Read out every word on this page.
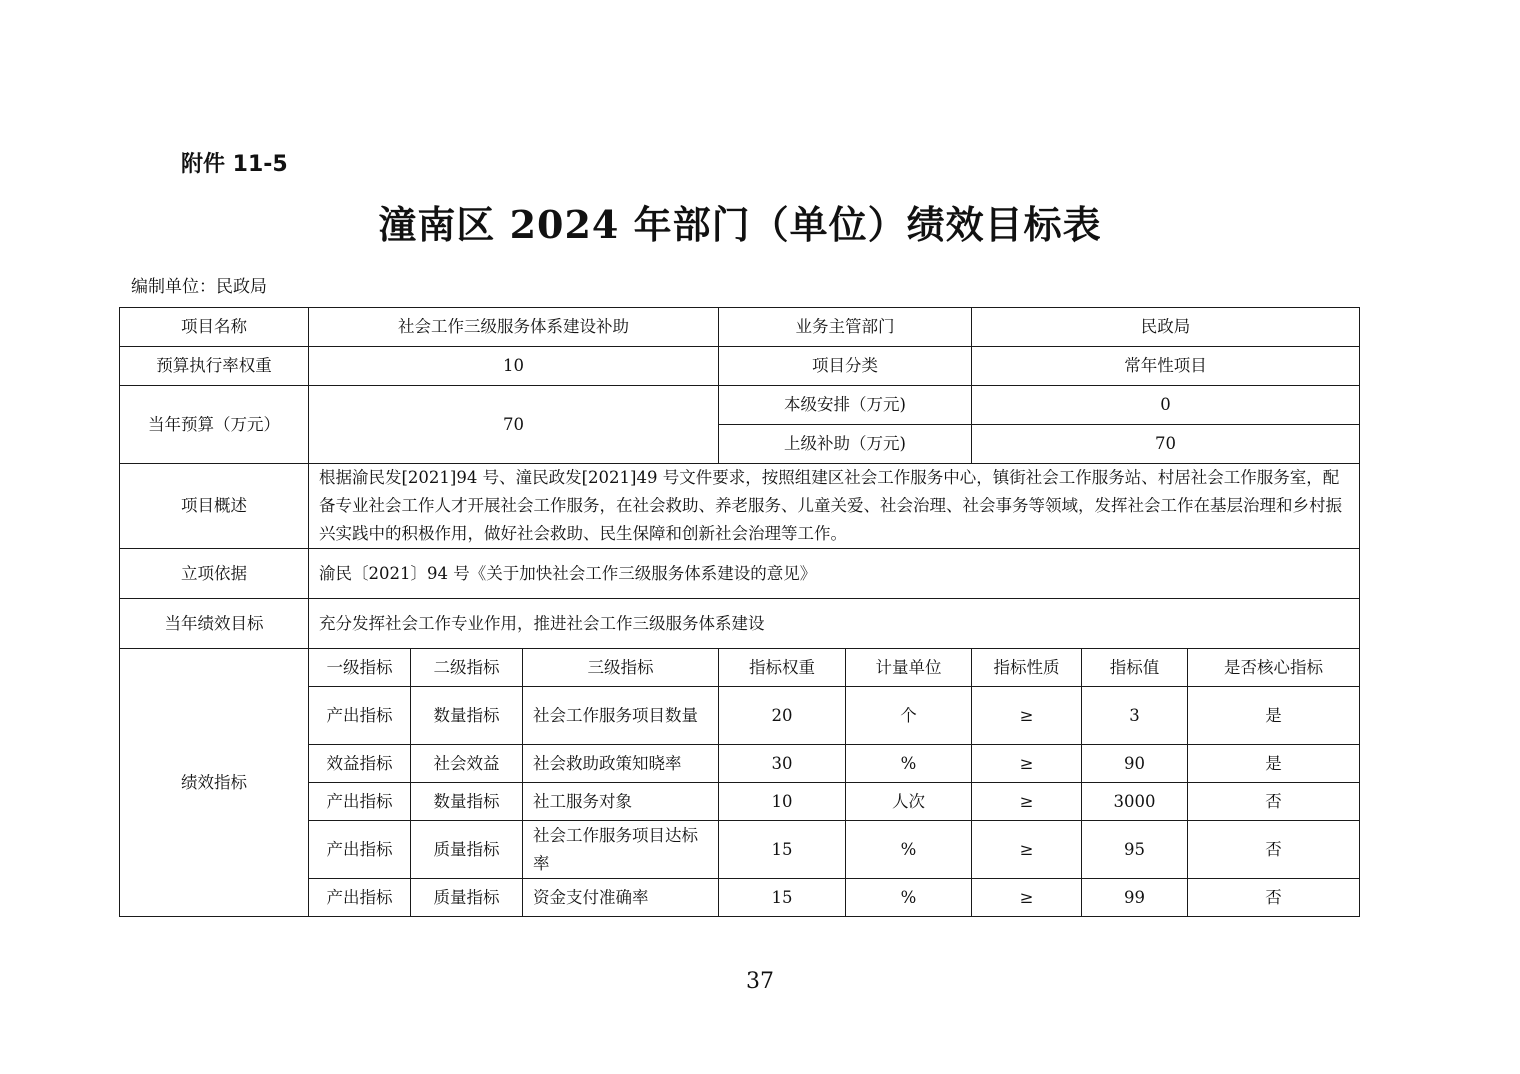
附件 11-5
潼南区 2024 年部门（单位）绩效目标表
编制单位：民政局
项目名称	社会工作三级服务体系建设补助			业务主管部门		民政局		
预算执行率权重	10			项目分类		常年性项目		
当年预算（万元）	70			本级安排（万元)		0		
				上级补助（万元)		70		
项目概述	根据渝民发[2021]94 号、潼民政发[2021]49 号文件要求，按照组建区社会工作服务中心，镇街社会工作服务站、村居社会工作服务室，配备专业社会工作人才开展社会工作服务，在社会救助、养老服务、儿童关爱、社会治理、社会事务等领域，发挥社会工作在基层治理和乡村振兴实践中的积极作用，做好社会救助、民生保障和创新社会治理等工作。							
立项依据	渝民〔2021〕94 号《关于加快社会工作三级服务体系建设的意见》							
当年绩效目标	充分发挥社会工作专业作用，推进社会工作三级服务体系建设							
绩效指标	一级指标	二级指标	三级指标	指标权重	计量单位	指标性质	指标值	是否核心指标
	产出指标	数量指标	社会工作服务项目数量	20	个	≥	3	是
	效益指标	社会效益	社会救助政策知晓率	30	%	≥	90	是
	产出指标	数量指标	社工服务对象	10	人次	≥	3000	否
	产出指标	质量指标	社会工作服务项目达标率	15	%	≥	95	否
	产出指标	质量指标	资金支付准确率	15	%	≥	99	否
37
